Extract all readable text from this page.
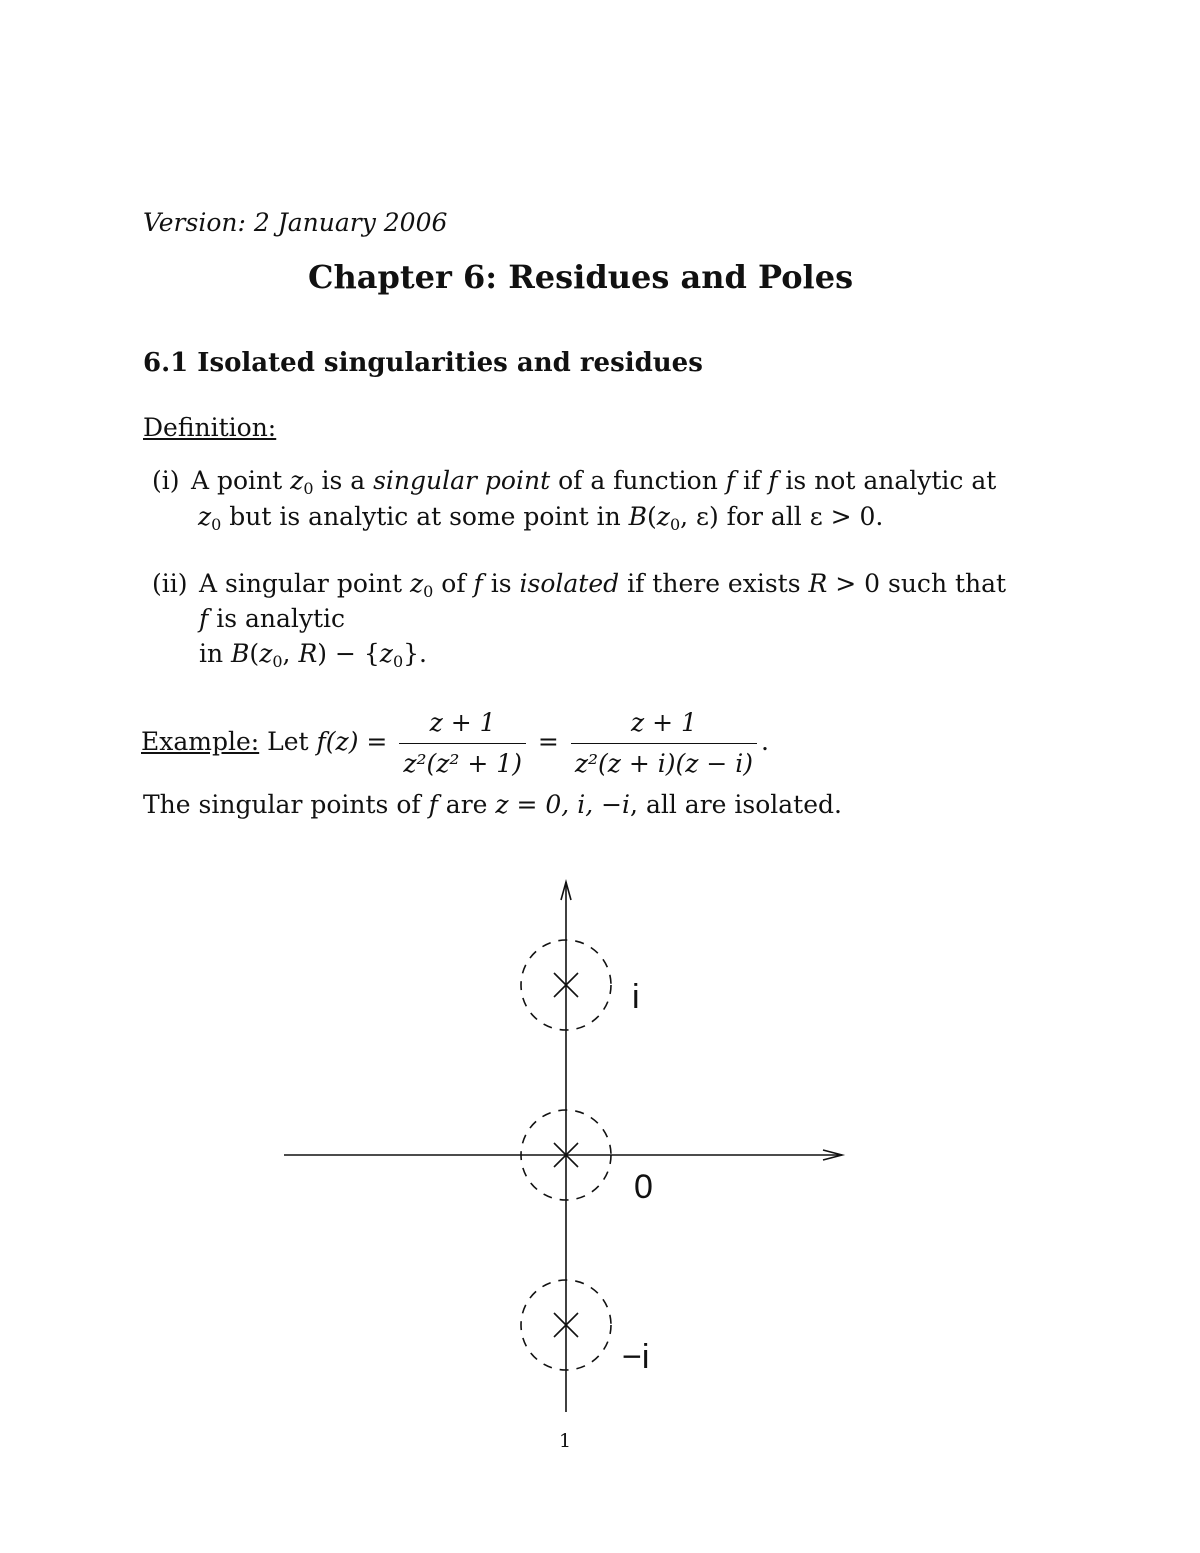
Version: 2 January 2006
Chapter 6: Residues and Poles
6.1 Isolated singularities and residues
Definition:
(i) A point $z_0$ is a singular point of a function f if f is not analytic at
$z_0$ but is analytic at some point in $B(z_0$, ε) for all ε > 0.
(ii) A singular point $z_0$ of f is isolated if there exists R > 0 such that
f is analytic
in $B(z_0$, $R) - \{z_0\}$.
Example: Let $f(z) = \frac{z + 1}{\text{z²(z² + 1)}} = \frac{z + 1}{\text{z²(z + i)(z − i)}}$ .
The singular points of f are z = 0, i, −i, all are isolated.
i
0
−i
1
